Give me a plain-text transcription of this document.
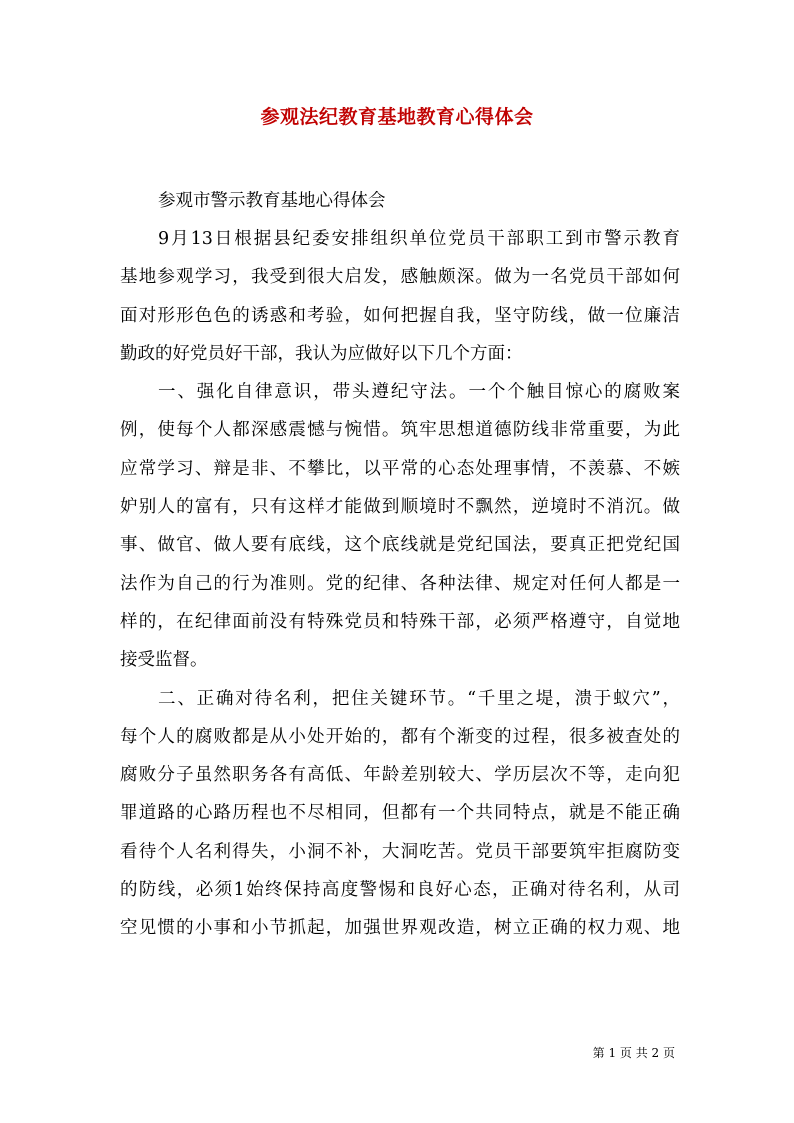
参观法纪教育基地教育心得体会

参观市警示教育基地心得体会

9月13日根据县纪委安排组织单位党员干部职工到市警示教育

基地参观学习，我受到很大启发，感触颇深。做为一名党员干部如何

面对形形色色的诱惑和考验，如何把握自我，坚守防线，做一位廉洁

勤政的好党员好干部，我认为应做好以下几个方面：

一、强化自律意识，带头遵纪守法。一个个触目惊心的腐败案

例，使每个人都深感震憾与惋惜。筑牢思想道德防线非常重要，为此

应常学习、辩是非、不攀比，以平常的心态处理事情，不羡慕、不嫉

妒别人的富有，只有这样才能做到顺境时不飘然，逆境时不消沉。做

事、做官、做人要有底线，这个底线就是党纪国法，要真正把党纪国

法作为自己的行为准则。党的纪律、各种法律、规定对任何人都是一

样的，在纪律面前没有特殊党员和特殊干部，必须严格遵守，自觉地

接受监督。

二、正确对待名利，把住关键环节。“千里之堤，溃于蚁穴”，

每个人的腐败都是从小处开始的，都有个渐变的过程，很多被查处的

腐败分子虽然职务各有高低、年龄差别较大、学历层次不等，走向犯

罪道路的心路历程也不尽相同，但都有一个共同特点，就是不能正确

看待个人名利得失，小洞不补，大洞吃苦。党员干部要筑牢拒腐防变

的防线，必须1始终保持高度警惕和良好心态，正确对待名利，从司

空见惯的小事和小节抓起，加强世界观改造，树立正确的权力观、地

第 1 页 共 2 页
